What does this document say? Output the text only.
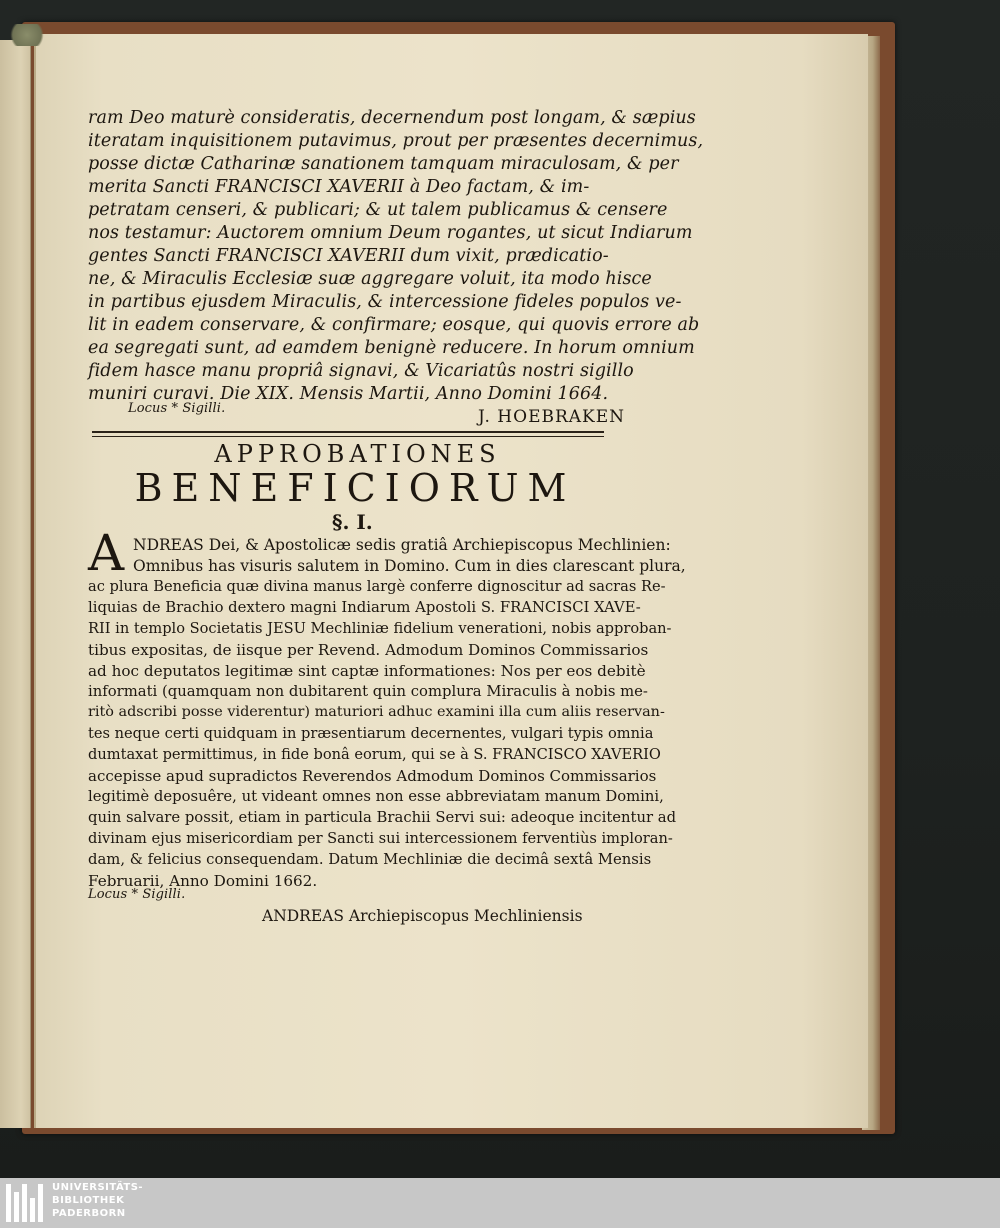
ram Deo maturè consideratis, decernendum post longam, & sæpius
iteratam inquisitionem putavimus, prout per præsentes decernimus,
posse dictæ Catharinæ sanationem tamquam miraculosam, & per
merita Sancti FRANCISCI XAVERII à Deo factam, & im-
petratam censeri, & publicari; & ut talem publicamus & censere
nos testamur: Auctorem omnium Deum rogantes, ut sicut Indiarum
gentes Sancti FRANCISCI XAVERII dum vixit, prædicatio-
ne, & Miraculis Ecclesiæ suæ aggregare voluit, ita modo hisce
in partibus ejusdem Miraculis, & intercessione fideles populos ve-
lit in eadem conservare, & confirmare; eosque, qui quovis errore ab
ea segregati sunt, ad eamdem benignè reducere. In horum omnium
fidem hasce manu propriâ signavi, & Vicariatûs nostri sigillo
muniri curavi. Die XIX. Mensis Martii, Anno Domini 1664.
Locus * Sigilli.	J. HOEBRAKEN
APPROBATIONES
BENEFICIORUM
§. I.
A NDREAS Dei, & Apostolicæ sedis gratiâ Archiepiscopus Mechlinien:
Omnibus has visuris salutem in Domino. Cum in dies clarescant plura,
ac plura Beneficia quæ divina manus largè conferre dignoscitur ad sacras Re-
liquias de Brachio dextero magni Indiarum Apostoli S. FRANCISCI XAVE-
RII in templo Societatis JESU Mechliniæ fidelium venerationi, nobis approban-
tibus expositas, de iisque per Revend. Admodum Dominos Commissarios
ad hoc deputatos legitimæ sint captæ informationes: Nos per eos debitè
informati (quamquam non dubitarent quin complura Miraculis à nobis me-
ritò adscribi posse viderentur) maturiori adhuc examini illa cum aliis reservan-
tes neque certi quidquam in præsentiarum decernentes, vulgari typis omnia
dumtaxat permittimus, in fide bonâ eorum, qui se à S. FRANCISCO XAVERIO
accepisse apud supradictos Reverendos Admodum Dominos Commissarios
legitimè deposuêre, ut videant omnes non esse abbreviatam manum Domini,
quin salvare possit, etiam in particula Brachii Servi sui: adeoque incitentur ad
divinam ejus misericordiam per Sancti sui intercessionem ferventiùs imploran-
dam, & felicius consequendam. Datum Mechliniæ die decimâ sextâ Mensis
Februarii, Anno Domini 1662.
Locus * Sigilli.
ANDREAS Archiepiscopus Mechliniensis
UNIVERSITÄTS-
BIBLIOTHEK
PADERBORN
